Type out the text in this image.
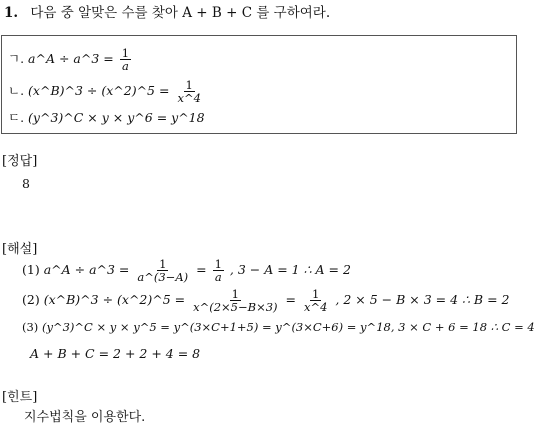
1. 다음 중 알맞은 수를 찾아 A + B + C 를 구하여라.
ㄱ. a^A ÷ a^3 = $\frac{1}{a}$
ㄴ. (x^B)^3 ÷ (x^2)^5 = $\frac{1}{x\^{}4}$
ㄷ. (y^3)^C × y × y^6 = y^18
[정답]
8
[해설]
(1) a^A ÷ a^3 = $\frac{1}{a\^{}(3-A)} = \frac{1}{a}$ , 3 − A = 1 ∴ A = 2
(2) (x^B)^3 ÷ (x^2)^5 = $\frac{1}{x\^{}(2\times 5-B\times 3)} = \frac{1}{x\^{}4}$ , 2 × 5 − B × 3 = 4 ∴ B = 2
(3) (y^3)^C × y × y^5 = y^(3×C+1+5) = y^(3×C+6) = y^18, 3 × C + 6 = 18 ∴ C = 4
A + B + C = 2 + 2 + 4 = 8
[힌트]
지수법칙을 이용한다.
